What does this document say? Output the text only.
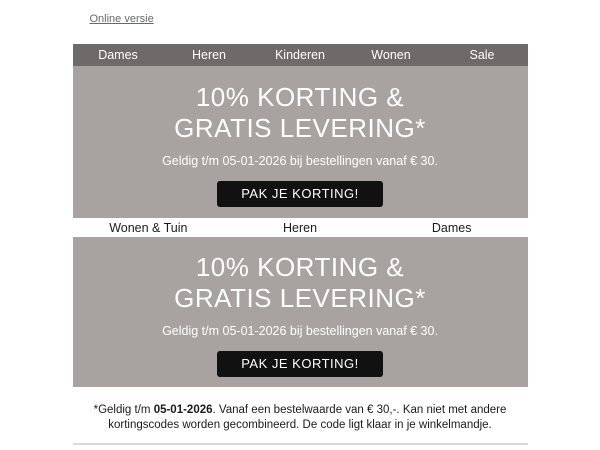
Online versie
Dames	Heren	Kinderen	Wonen	Sale
10% KORTING &
GRATIS LEVERING*
Geldig t/m 05-01-2026 bij bestellingen vanaf € 30.
PAK JE KORTING!
Wonen & Tuin	Heren	Dames
10% KORTING &
GRATIS LEVERING*
Geldig t/m 05-01-2026 bij bestellingen vanaf € 30.
PAK JE KORTING!
*Geldig t/m 05-01-2026. Vanaf een bestelwaarde van € 30,-. Kan niet met andere kortingscodes worden gecombineerd. De code ligt klaar in je winkelmandje.
